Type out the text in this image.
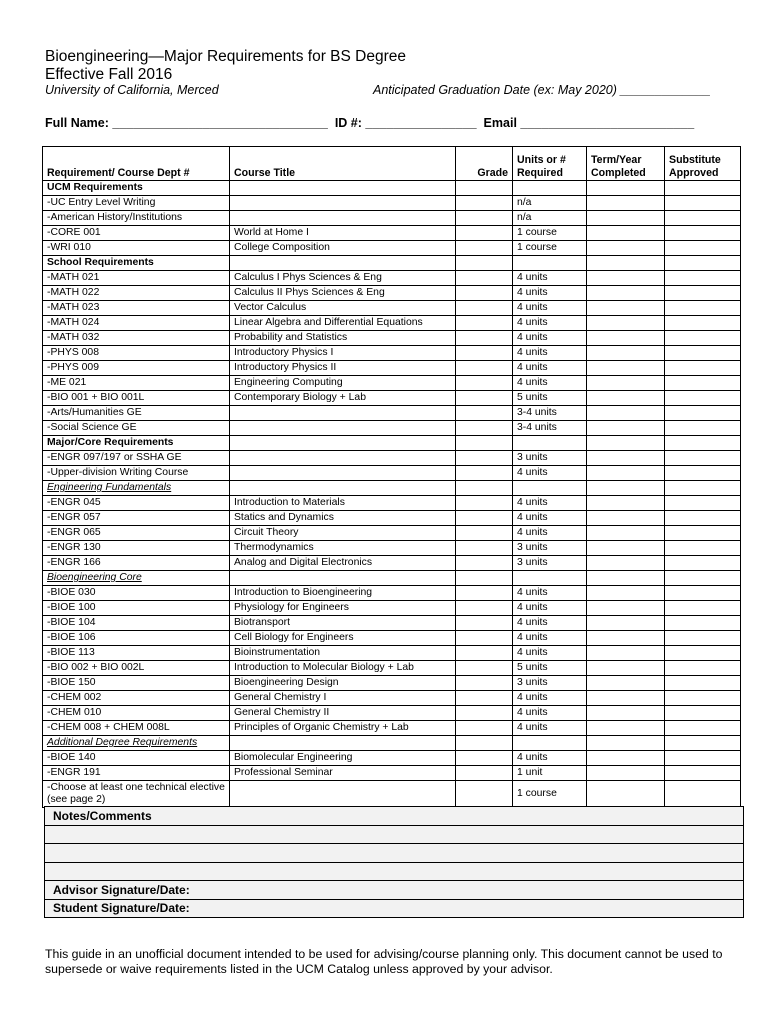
Bioengineering—Major Requirements for BS Degree
Effective Fall 2016
University of California, Merced	Anticipated Graduation Date (ex: May 2020) _____________
Full Name: _______________________________  ID #: ________________  Email _________________________
Requirement/ Course Dept #	Course Title	Grade	Units or # Required	Term/Year Completed	Substitute Approved
UCM Requirements					
-UC Entry Level Writing			n/a		
-American History/Institutions			n/a		
-CORE 001	World at Home I		1 course		
-WRI 010	College Composition		1 course		
School Requirements					
-MATH 021	Calculus I Phys Sciences & Eng		4 units		
-MATH 022	Calculus II Phys Sciences & Eng		4 units		
-MATH 023	Vector Calculus		4 units		
-MATH 024	Linear Algebra and Differential Equations		4 units		
-MATH 032	Probability and Statistics		4 units		
-PHYS 008	Introductory Physics I		4 units		
-PHYS 009	Introductory Physics II		4 units		
-ME 021	Engineering Computing		4 units		
-BIO 001 + BIO 001L	Contemporary Biology + Lab		5 units		
-Arts/Humanities GE			3-4 units		
-Social Science GE			3-4 units		
Major/Core Requirements					
-ENGR 097/197 or SSHA GE			3 units		
-Upper-division Writing Course			4 units		
Engineering Fundamentals					
-ENGR 045	Introduction to Materials		4 units		
-ENGR 057	Statics and Dynamics		4 units		
-ENGR 065	Circuit Theory		4 units		
-ENGR 130	Thermodynamics		3 units		
-ENGR 166	Analog and Digital Electronics		3 units		
Bioengineering Core					
-BIOE 030	Introduction to Bioengineering		4 units		
-BIOE 100	Physiology for Engineers		4 units		
-BIOE 104	Biotransport		4 units		
-BIOE 106	Cell Biology for Engineers		4 units		
-BIOE 113	Bioinstrumentation		4 units		
-BIO 002 + BIO 002L	Introduction to Molecular Biology + Lab		5 units		
-BIOE 150	Bioengineering Design		3 units		
-CHEM 002	General Chemistry I		4 units		
-CHEM 010	General Chemistry II		4 units		
-CHEM 008 + CHEM 008L	Principles of Organic Chemistry + Lab		4 units		
Additional Degree Requirements					
-BIOE 140	Biomolecular Engineering		4 units		
-ENGR 191	Professional Seminar		1 unit		
-Choose at least one technical elective (see page 2)			1 course		
Notes/Comments

Advisor Signature/Date:
Student Signature/Date:
This guide in an unofficial document intended to be used for advising/course planning only. This document cannot be used to supersede or waive requirements listed in the UCM Catalog unless approved by your advisor.
